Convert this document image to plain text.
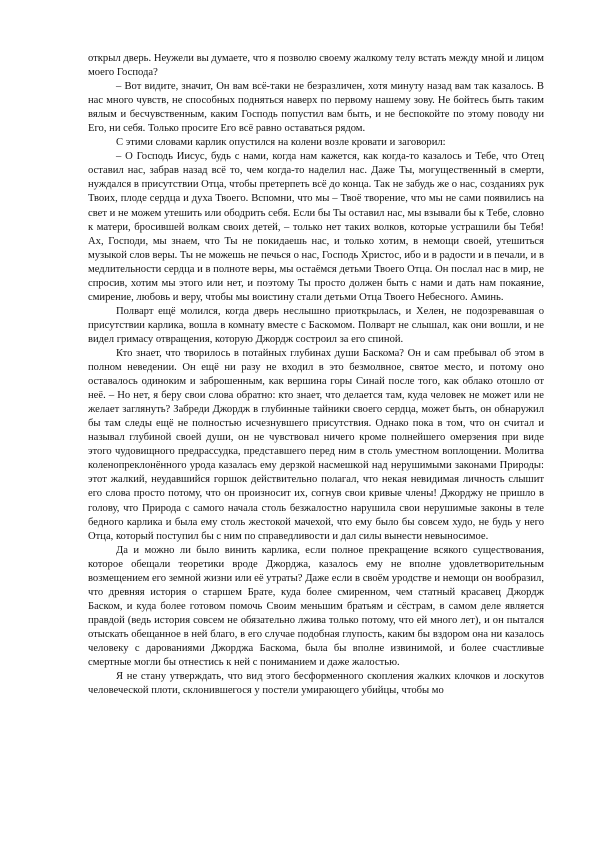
открыл дверь. Неужели вы думаете, что я позволю своему жалкому телу встать между мной и лицом моего Господа?

– Вот видите, значит, Он вам всё-таки не безразличен, хотя минуту назад вам так казалось. В нас много чувств, не способных подняться наверх по первому нашему зову. Не бойтесь быть таким вялым и бесчувственным, каким Господь попустил вам быть, и не беспокойте по этому поводу ни Его, ни себя. Только просите Его всё равно оставаться рядом.

С этими словами карлик опустился на колени возле кровати и заговорил:

– О Господь Иисус, будь с нами, когда нам кажется, как когда-то казалось и Тебе, что Отец оставил нас, забрав назад всё то, чем когда-то наделил нас. Даже Ты, могущественный в смерти, нуждался в присутствии Отца, чтобы претерпеть всё до конца. Так не забудь же о нас, созданиях рук Твоих, плоде сердца и духа Твоего. Вспомни, что мы – Твоё творение, что мы не сами появились на свет и не можем утешить или ободрить себя. Если бы Ты оставил нас, мы взывали бы к Тебе, словно к матери, бросившей волкам своих детей, – только нет таких волков, которые устрашили бы Тебя! Ах, Господи, мы знаем, что Ты не покидаешь нас, и только хотим, в немощи своей, утешиться музыкой слов веры. Ты не можешь не печься о нас, Господь Христос, ибо и в радости и в печали, и в медлительности сердца и в полноте веры, мы остаёмся детьми Твоего Отца. Он послал нас в мир, не спросив, хотим мы этого или нет, и поэтому Ты просто должен быть с нами и дать нам покаяние, смирение, любовь и веру, чтобы мы воистину стали детьми Отца Твоего Небесного. Аминь.

Полварт ещё молился, когда дверь неслышно приоткрылась, и Хелен, не подозревавшая о присутствии карлика, вошла в комнату вместе с Баскомом. Полварт не слышал, как они вошли, и не видел гримасу отвращения, которую Джордж состроил за его спиной.

Кто знает, что творилось в потайных глубинах души Баскома? Он и сам пребывал об этом в полном неведении. Он ещё ни разу не входил в это безмолвное, святое место, и потому оно оставалось одиноким и заброшенным, как вершина горы Синай после того, как облако отошло от неё. – Но нет, я беру свои слова обратно: кто знает, что делается там, куда человек не может или не желает заглянуть? Забреди Джордж в глубинные тайники своего сердца, может быть, он обнаружил бы там следы ещё не полностью исчезнувшего присутствия. Однако пока в том, что он считал и называл глубиной своей души, он не чувствовал ничего кроме полнейшего омерзения при виде этого чудовищного предрассудка, представшего перед ним в столь уместном воплощении. Молитва коленопреклонённого урода казалась ему дерзкой насмешкой над нерушимыми законами Природы: этот жалкий, неудавшийся горшок действительно полагал, что некая невидимая личность слышит его слова просто потому, что он произносит их, согнув свои кривые члены! Джорджу не пришло в голову, что Природа с самого начала столь безжалостно нарушила свои нерушимые законы в теле бедного карлика и была ему столь жестокой мачехой, что ему было бы совсем худо, не будь у него Отца, который поступил бы с ним по справедливости и дал силы вынести невыносимое.

Да и можно ли было винить карлика, если полное прекращение всякого существования, которое обещали теоретики вроде Джорджа, казалось ему не вполне удовлетворительным возмещением его земной жизни или её утраты? Даже если в своём уродстве и немощи он вообразил, что древняя история о старшем Брате, куда более смиренном, чем статный красавец Джордж Баском, и куда более готовом помочь Своим меньшим братьям и сёстрам, в самом деле является правдой (ведь история совсем не обязательно лжива только потому, что ей много лет), и он пытался отыскать обещанное в ней благо, в его случае подобная глупость, каким бы вздором она ни казалось человеку с дарованиями Джорджа Баскома, была бы вполне извинимой, и более счастливые смертные могли бы отнестись к ней с пониманием и даже жалостью.

Я не стану утверждать, что вид этого бесформенного скопления жалких клочков и лоскутов человеческой плоти, склонившегося у постели умирающего убийцы, чтобы мо
